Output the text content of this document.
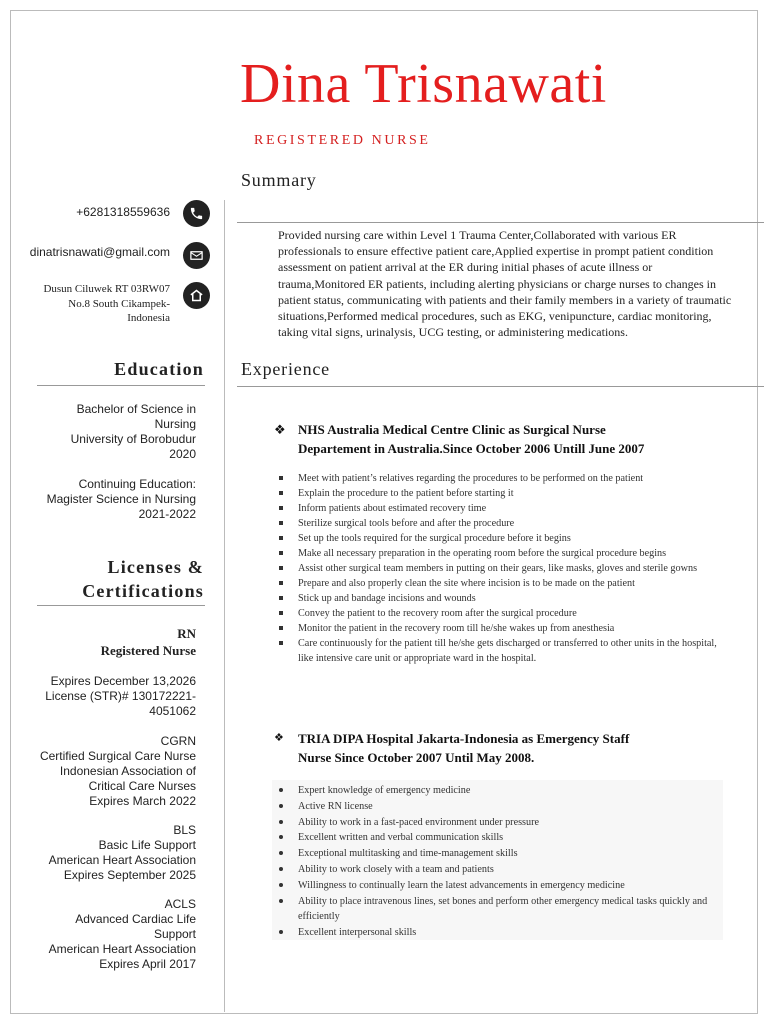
Dina Trisnawati
REGISTERED NURSE
Summary
Provided nursing care within Level 1 Trauma Center,Collaborated with various ER professionals to ensure effective patient care,Applied expertise in prompt patient condition assessment on patient arrival at the ER during initial phases of acute illness or trauma,Monitored ER patients, including alerting physicians or charge nurses to changes in patient status, communicating with patients and their family members in a variety of traumatic situations,Performed medical procedures, such as EKG, venipuncture, cardiac monitoring, taking vital signs, urinalysis, UCG testing, or administering medications.
Experience
+6281318559636
dinatrisnawati@gmail.com
Dusun Ciluwek RT 03RW07
No.8 South Cikampek-
Indonesia
Education
Bachelor of Science in
Nursing
University of Borobudur
2020
Continuing Education:
Magister Science in Nursing
2021-2022
Licenses &
Certifications
RN
Registered Nurse
Expires December 13,2026
License (STR)# 130172221-
4051062
CGRN
Certified Surgical Care Nurse
Indonesian Association of
Critical Care Nurses
Expires March 2022
BLS
Basic Life Support
American Heart Association
Expires September 2025
ACLS
Advanced Cardiac Life
Support
American Heart Association
Expires April 2017
❖ NHS Australia Medical Centre Clinic as Surgical Nurse
Departement in Australia.Since October 2006 Untill June 2007
Meet with patient’s relatives regarding the procedures to be performed on the patient
Explain the procedure to the patient before starting it
Inform patients about estimated recovery time
Sterilize surgical tools before and after the procedure
Set up the tools required for the surgical procedure before it begins
Make all necessary preparation in the operating room before the surgical procedure begins
Assist other surgical team members in putting on their gears, like masks, gloves and sterile gowns
Prepare and also properly clean the site where incision is to be made on the patient
Stick up and bandage incisions and wounds
Convey the patient to the recovery room after the surgical procedure
Monitor the patient in the recovery room till he/she wakes up from anesthesia
Care continuously for the patient till he/she gets discharged or transferred to other units in the hospital, like intensive care unit or appropriate ward in the hospital.
❖ TRIA DIPA Hospital Jakarta-Indonesia as Emergency Staff
Nurse Since October 2007 Until May 2008.
Expert knowledge of emergency medicine
Active RN license
Ability to work in a fast-paced environment under pressure
Excellent written and verbal communication skills
Exceptional multitasking and time-management skills
Ability to work closely with a team and patients
Willingness to continually learn the latest advancements in emergency medicine
Ability to place intravenous lines, set bones and perform other emergency medical tasks quickly and efficiently
Excellent interpersonal skills
